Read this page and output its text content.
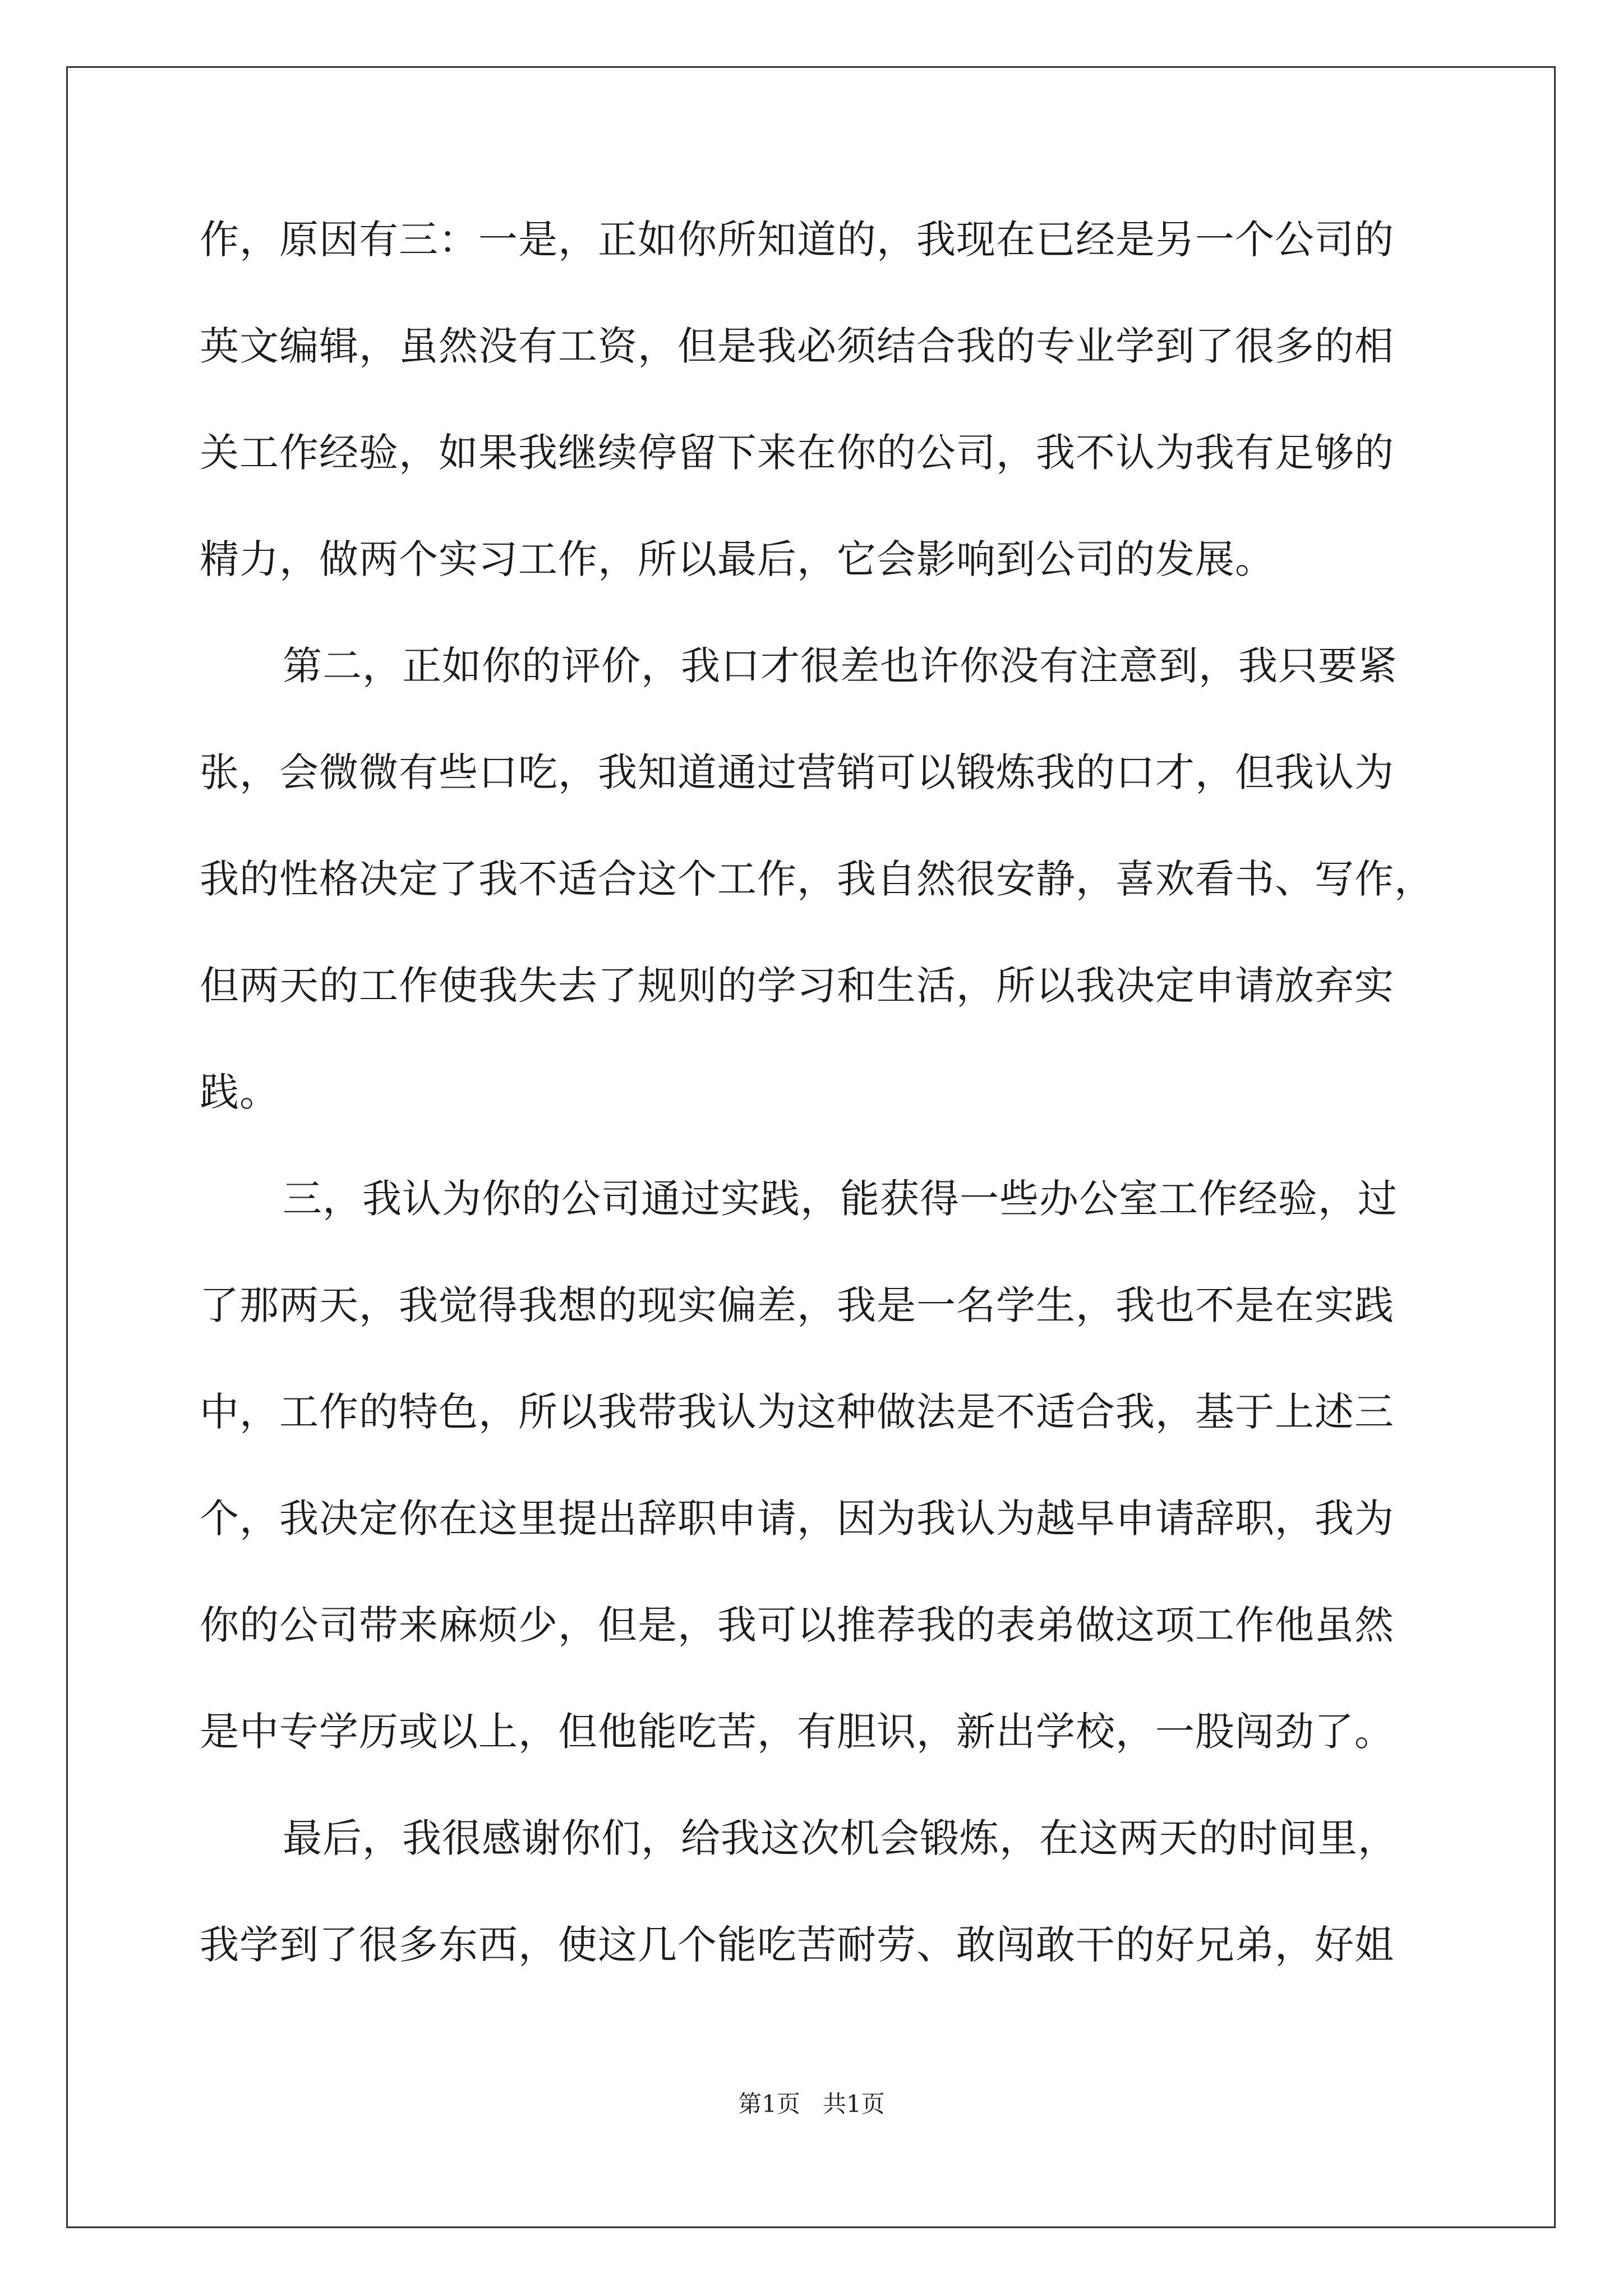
作，原因有三：一是，正如你所知道的，我现在已经是另一个公司的
英文编辑，虽然没有工资，但是我必须结合我的专业学到了很多的相
关工作经验，如果我继续停留下来在你的公司，我不认为我有足够的
精力，做两个实习工作，所以最后，它会影响到公司的发展。
第二，正如你的评价，我口才很差也许你没有注意到，我只要紧
张，会微微有些口吃，我知道通过营销可以锻炼我的口才，但我认为
我的性格决定了我不适合这个工作，我自然很安静，喜欢看书、写作，
但两天的工作使我失去了规则的学习和生活，所以我决定申请放弃实
践。
三，我认为你的公司通过实践，能获得一些办公室工作经验，过
了那两天，我觉得我想的现实偏差，我是一名学生，我也不是在实践
中，工作的特色，所以我带我认为这种做法是不适合我，基于上述三
个，我决定你在这里提出辞职申请，因为我认为越早申请辞职，我为
你的公司带来麻烦少，但是，我可以推荐我的表弟做这项工作他虽然
是中专学历或以上，但他能吃苦，有胆识，新出学校，一股闯劲了。
最后，我很感谢你们，给我这次机会锻炼，在这两天的时间里，
我学到了很多东西，使这几个能吃苦耐劳、敢闯敢干的好兄弟，好姐
第1页 共1页
